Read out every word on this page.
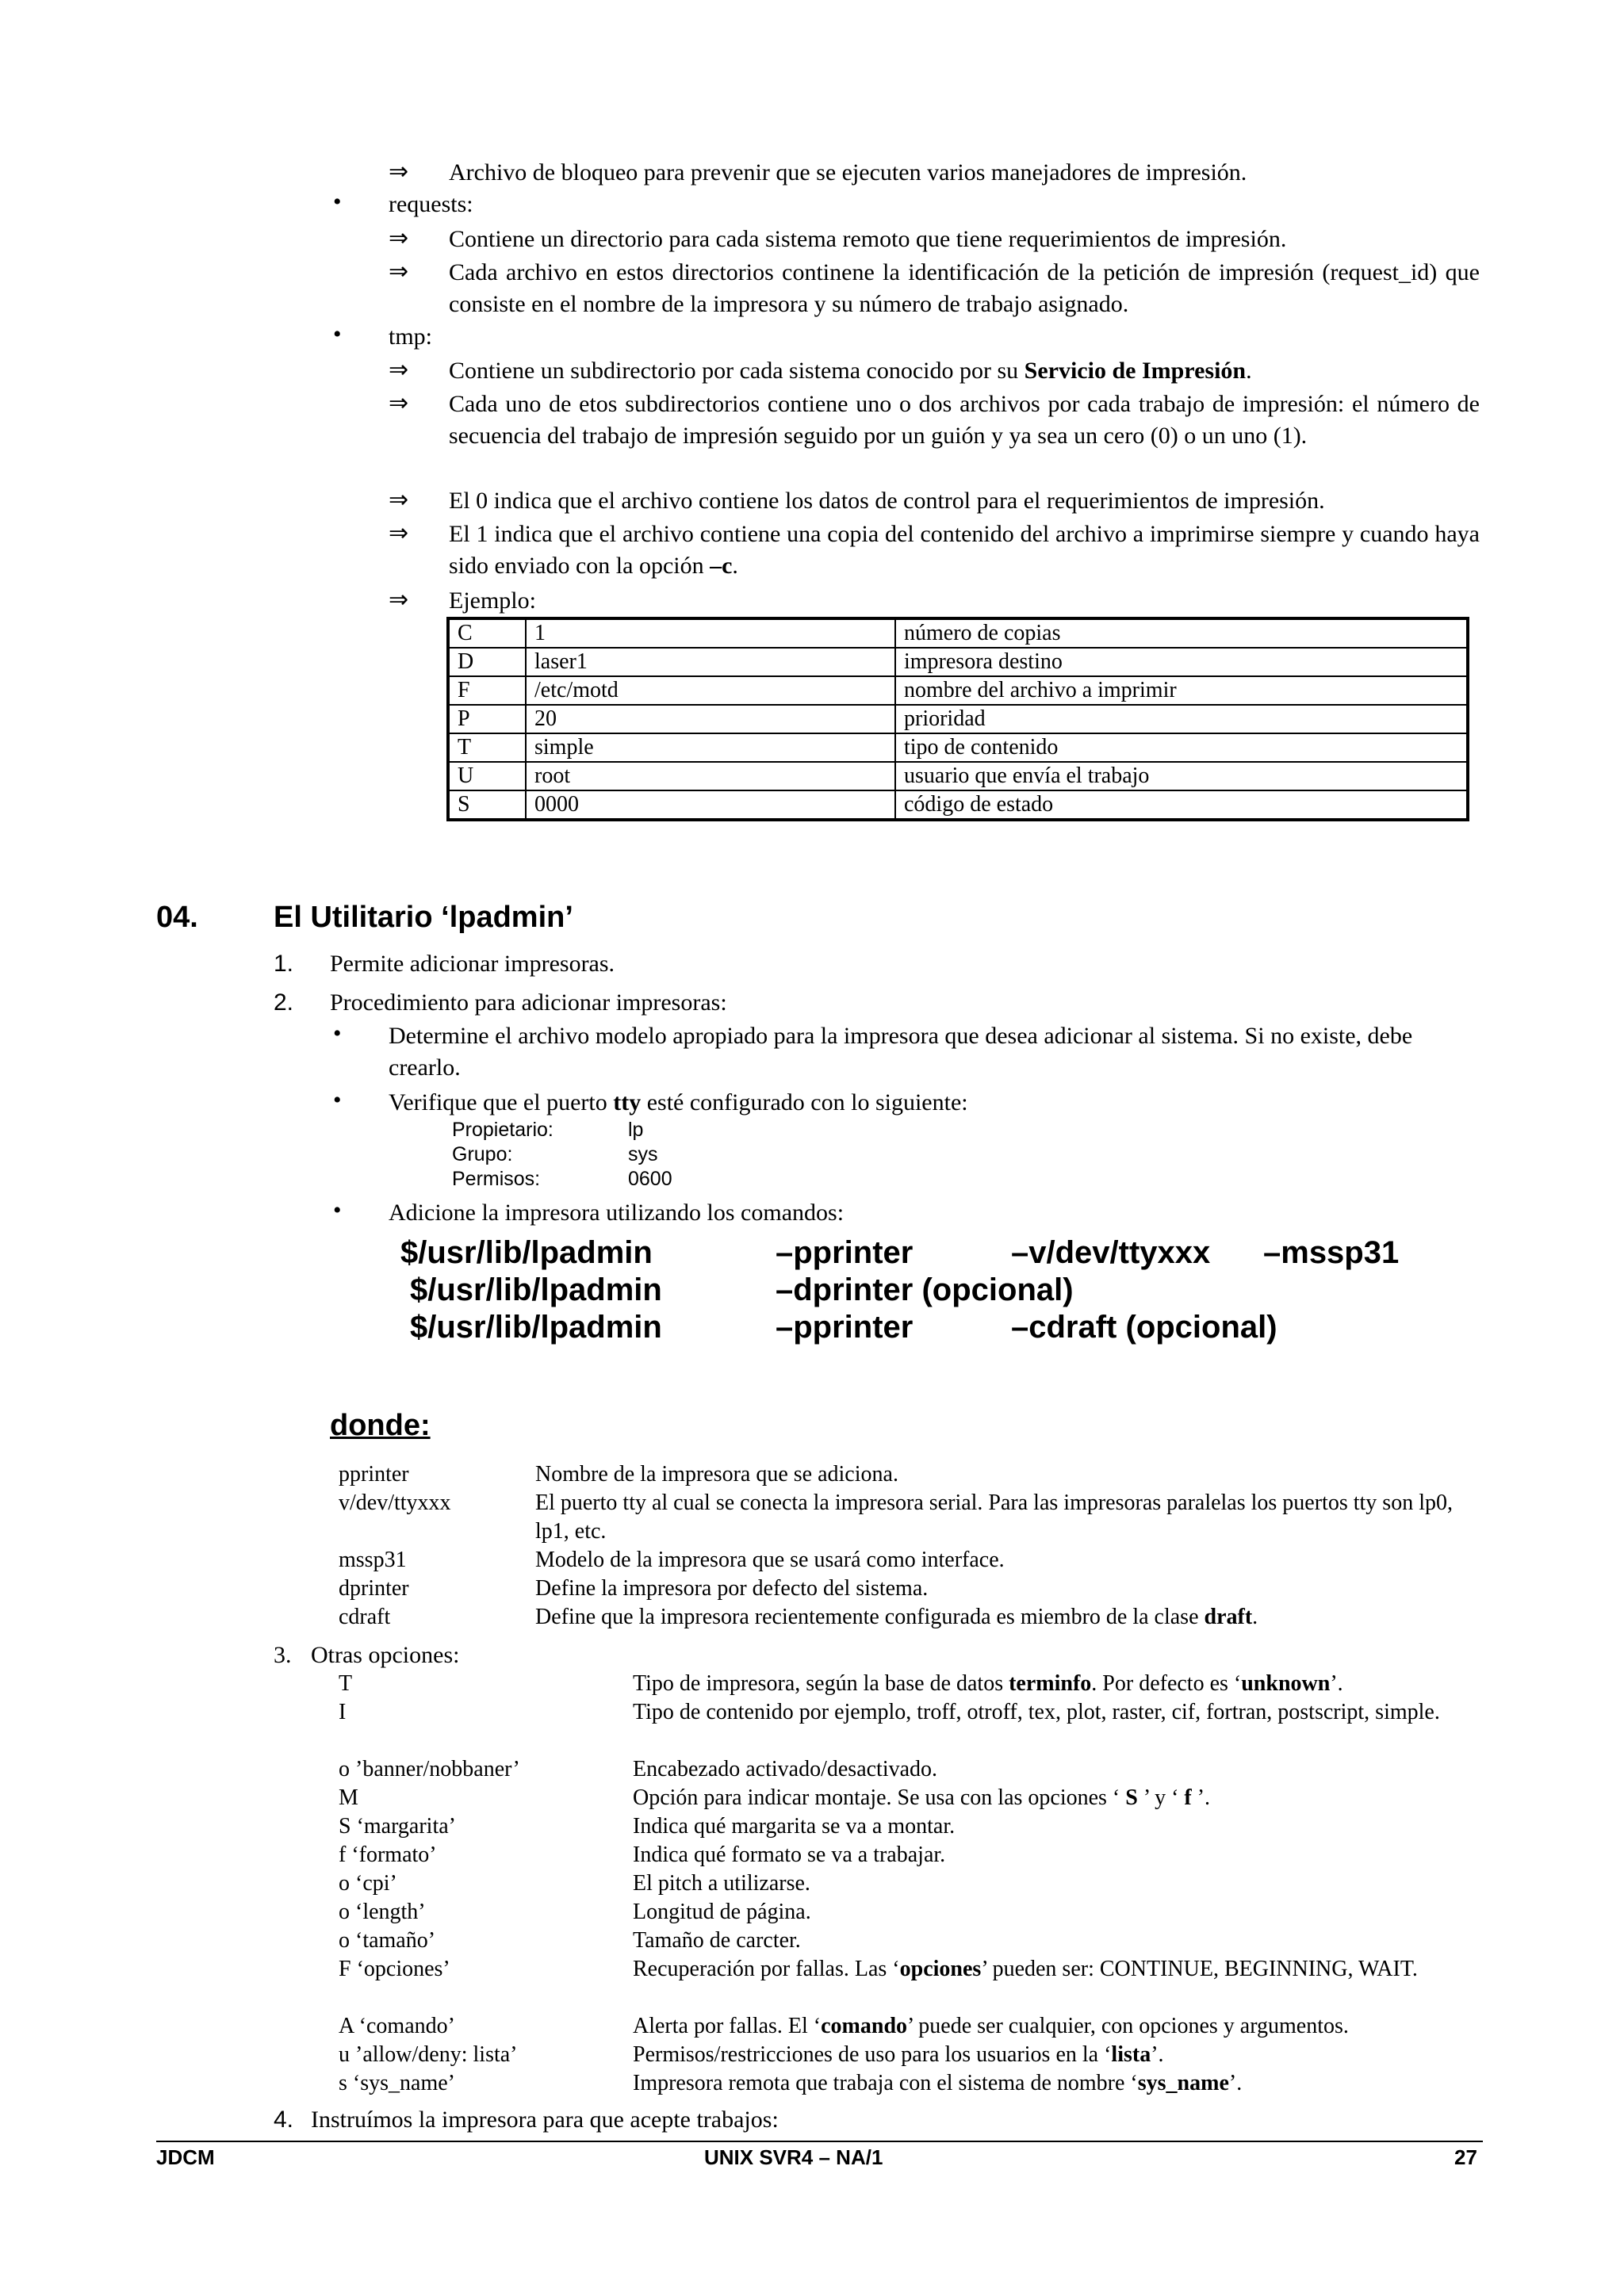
⇒ Archivo de bloqueo para prevenir que se ejecuten varios manejadores de impresión.
• requests:
⇒ Contiene un directorio para cada sistema remoto que tiene requerimientos de impresión.
⇒ Cada archivo en estos directorios continene la identificación de la petición de impresión (request_id) que consiste en el nombre de la impresora y su número de trabajo asignado.
• tmp:
⇒ Contiene un subdirectorio por cada sistema conocido por su Servicio de Impresión.
⇒ Cada uno de etos subdirectorios contiene uno o dos archivos por cada trabajo de impresión: el número de secuencia del trabajo de impresión seguido por un guión y ya sea un cero (0) o un uno (1).
⇒ El 0 indica que el archivo contiene los datos de control para el requerimientos de impresión.
⇒ El 1 indica que el archivo contiene una copia del contenido del archivo a imprimirse siempre y cuando haya sido enviado con la opción –c.
⇒ Ejemplo:
C	1	número de copias
D	laser1	impresora destino
F	/etc/motd	nombre del archivo a imprimir
P	20	prioridad
T	simple	tipo de contenido
U	root	usuario que envía el trabajo
S	0000	código de estado
04.	El Utilitario ‘lpadmin’
1. Permite adicionar impresoras.
2. Procedimiento para adicionar impresoras:
• Determine el archivo modelo apropiado para la impresora que desea adicionar al sistema. Si no existe, debe crearlo.
• Verifique que el puerto tty esté configurado con lo siguiente:
Propietario:	lp
Grupo:	sys
Permisos:	0600
• Adicione la impresora utilizando los comandos:
$/usr/lib/lpadmin	–pprinter	–v/dev/ttyxxx –mssp31
$/usr/lib/lpadmin	–dprinter (opcional)
$/usr/lib/lpadmin	–pprinter	–cdraft (opcional)
donde:
pprinter	Nombre de la impresora que se adiciona.
v/dev/ttyxxx	El puerto tty al cual se conecta la impresora serial. Para las impresoras paralelas los puertos tty son lp0, lp1, etc.
mssp31	Modelo de la impresora que se usará como interface.
dprinter	Define la impresora por defecto del sistema.
cdraft	Define que la impresora recientemente configurada es miembro de la clase draft.
3. Otras opciones:
T	Tipo de impresora, según la base de datos terminfo. Por defecto es ‘unknown’.
I	Tipo de contenido por ejemplo, troff, otroff, tex, plot, raster, cif, fortran, postscript, simple.
o ’banner/nobbaner’	Encabezado activado/desactivado.
M	Opción para indicar montaje. Se usa con las opciones ‘ S ’ y ‘ f ’.
S ‘margarita’	Indica qué margarita se va a montar.
f ‘formato’	Indica qué formato se va a trabajar.
o ‘cpi’	El pitch a utilizarse.
o ‘length’	Longitud de página.
o ‘tamaño’	Tamaño de carcter.
F ‘opciones’	Recuperación por fallas. Las ‘opciones’ pueden ser: CONTINUE, BEGINNING, WAIT.
A ‘comando’	Alerta por fallas. El ‘comando’ puede ser cualquier, con opciones y argumentos.
u ’allow/deny: lista’	Permisos/restricciones de uso para los usuarios en la ‘lista’.
s ‘sys_name’	Impresora remota que trabaja con el sistema de nombre ‘sys_name’.
4. Instruímos la impresora para que acepte trabajos:
JDCM	UNIX SVR4 – NA/1	27
